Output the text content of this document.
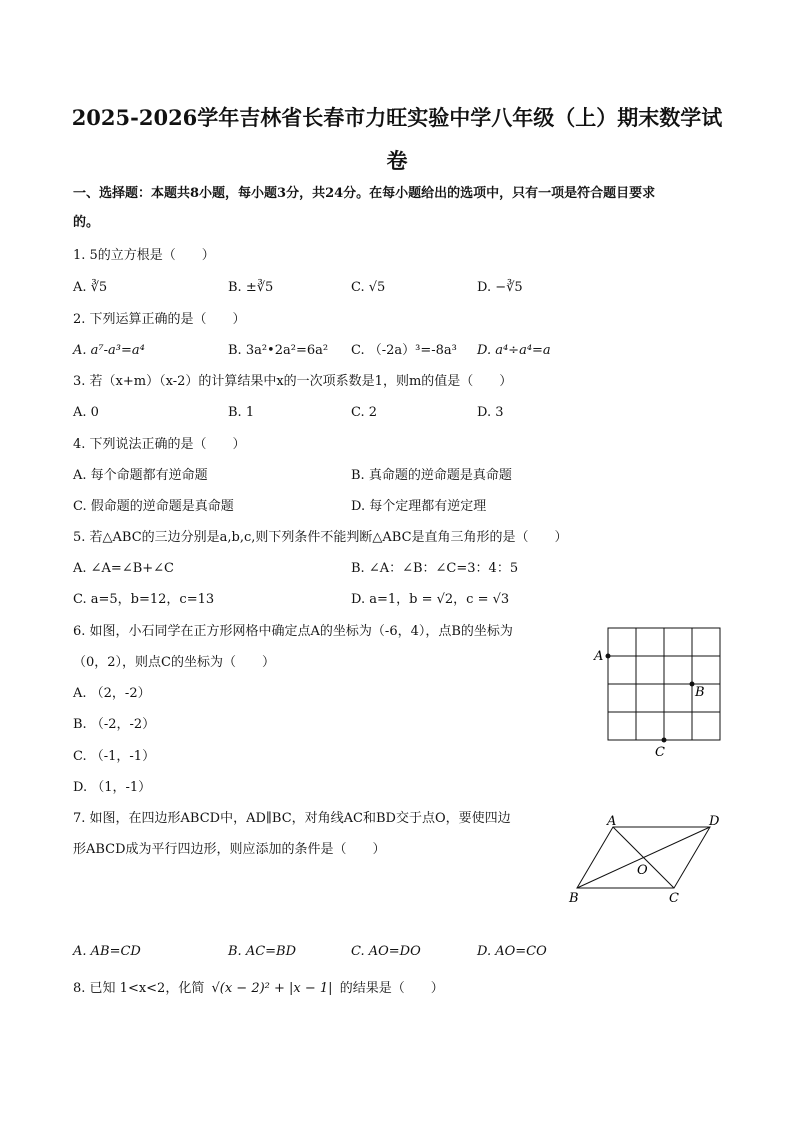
2025-2026学年吉林省长春市力旺实验中学八年级（上）期末数学试
卷
一、选择题：本题共8小题，每小题3分，共24分。在每小题给出的选项中，只有一项是符合题目要求
的。
1. 5的立方根是（　　）
A. ∛5	B. ±∛5	C. √5	D. −∛5
2. 下列运算正确的是（　　）
A. a⁷-a³=a⁴	B. 3a²•2a²=6a² C. （-2a）³=-8a³ D. a⁴÷a⁴=a
3. 若（x+m）（x-2）的计算结果中x的一次项系数是1，则m的值是（　　）
A. 0	B. 1	C. 2	D. 3
4. 下列说法正确的是（　　）
A. 每个命题都有逆命题	B. 真命题的逆命题是真命题
C. 假命题的逆命题是真命题	D. 每个定理都有逆定理
5. 若△ABC的三边分别是a,b,c,则下列条件不能判断△ABC是直角三角形的是（　　）
A. ∠A=∠B+∠C	B. ∠A：∠B：∠C=3：4：5
C. a=5，b=12，c=13	D. a=1，b = √2，c = √3
6. 如图，小石同学在正方形网格中确定点A的坐标为（-6，4），点B的坐标为
（0，2），则点C的坐标为（　　）
A. （2，-2）
B. （-2，-2）
C. （-1，-1）
D. （1，-1）
A
B
C
7. 如图，在四边形ABCD中，AD∥BC，对角线AC和BD交于点O，要使四边
形ABCD成为平行四边形，则应添加的条件是（　　）
A	D
B	C
O
A. AB=CD	B. AC=BD	C. AO=DO	D. AO=CO
8. 已知 1<x<2，化简 √(x − 2)² + |x − 1| 的结果是（　　）
